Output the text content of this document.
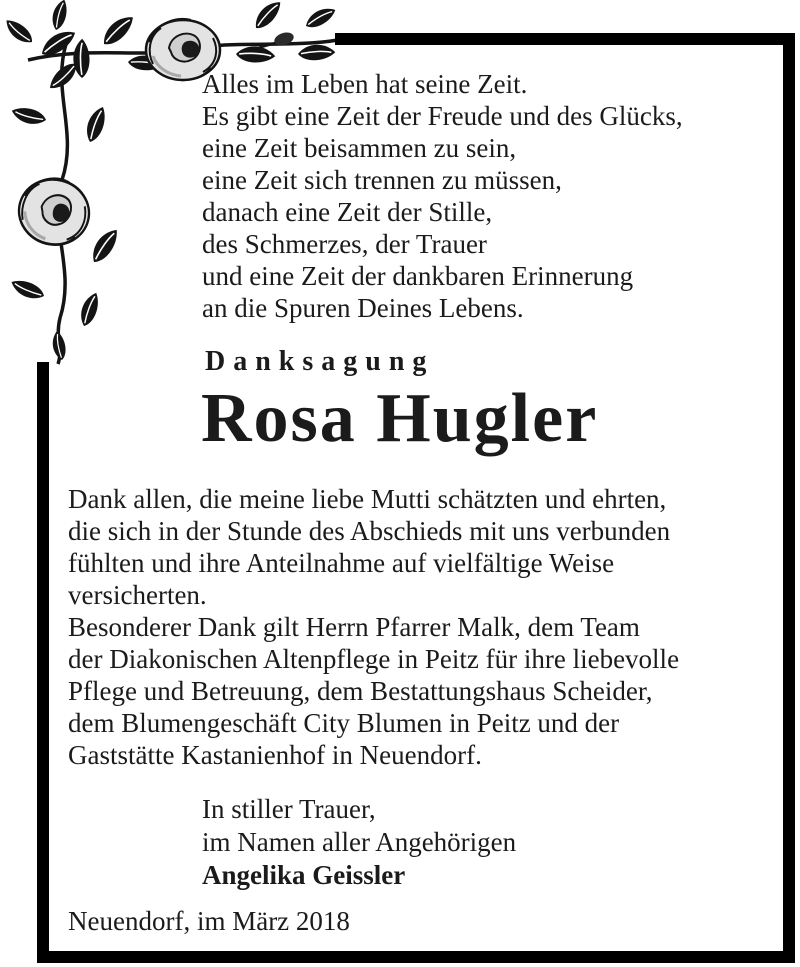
Alles im Leben hat seine Zeit.
Es gibt eine Zeit der Freude und des Glücks,
eine Zeit beisammen zu sein,
eine Zeit sich trennen zu müssen,
danach eine Zeit der Stille,
des Schmerzes, der Trauer
und eine Zeit der dankbaren Erinnerung
an die Spuren Deines Lebens.
Danksagung
Rosa Hugler
Dank allen, die meine liebe Mutti schätzten und ehrten,
die sich in der Stunde des Abschieds mit uns verbunden
fühlten und ihre Anteilnahme auf vielfältige Weise
versicherten.
Besonderer Dank gilt Herrn Pfarrer Malk, dem Team
der Diakonischen Altenpflege in Peitz für ihre liebevolle
Pflege und Betreuung, dem Bestattungshaus Scheider,
dem Blumengeschäft City Blumen in Peitz und der
Gaststätte Kastanienhof in Neuendorf.
In stiller Trauer,
im Namen aller Angehörigen
Angelika Geissler
Neuendorf, im März 2018
